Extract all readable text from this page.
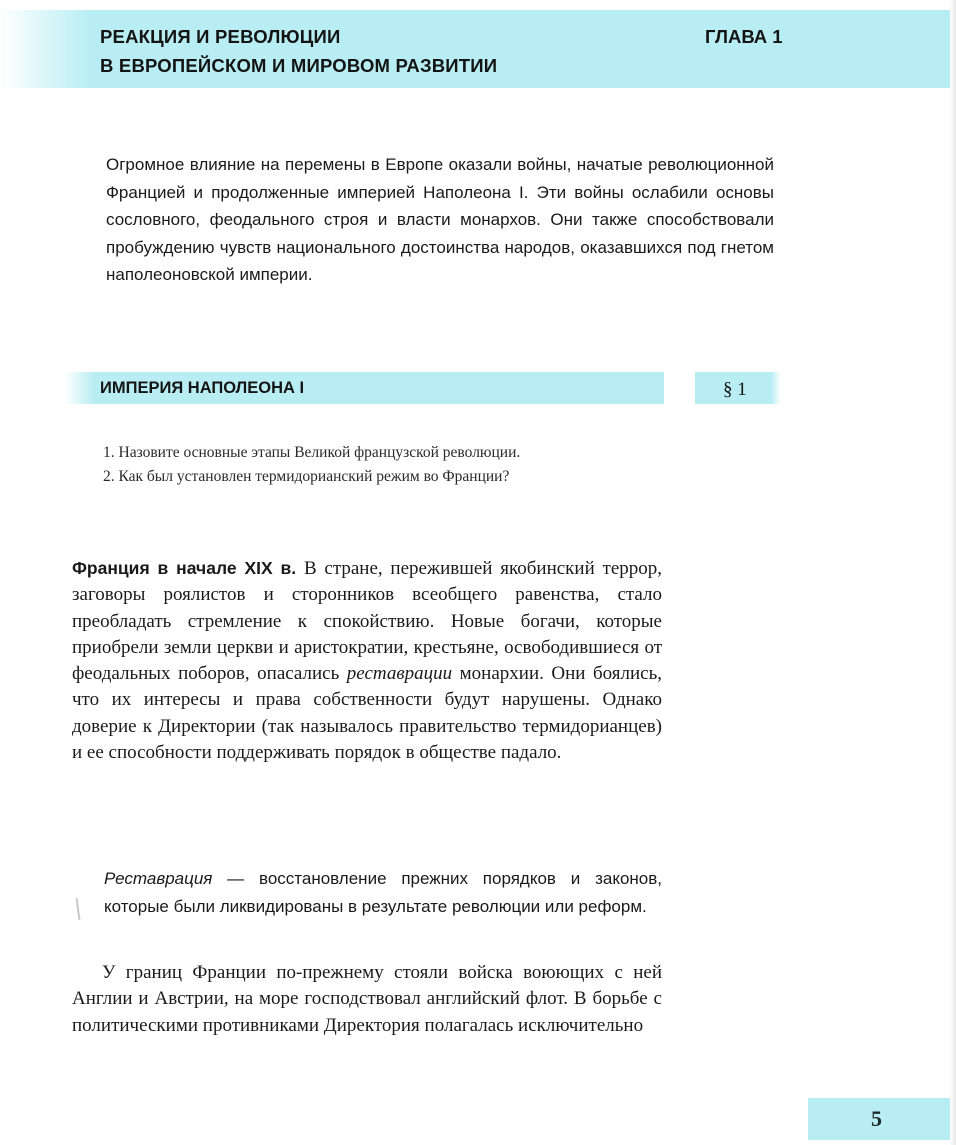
РЕАКЦИЯ И РЕВОЛЮЦИИ
В ЕВРОПЕЙСКОМ И МИРОВОМ РАЗВИТИИ
ГЛАВА 1

Огромное влияние на перемены в Европе оказали войны, начатые революционной Францией и продолженные империей Наполеона I. Эти войны ослабили основы сословного, феодального строя и власти монархов. Они также способствовали пробуждению чувств национального достоинства народов, оказавшихся под гнетом наполеоновской империи.

ИМПЕРИЯ НАПОЛЕОНА I	§ 1

1. Назовите основные этапы Великой французской революции.

2. Как был установлен термидорианский режим во Франции?

Франция в начале XIX в. В стране, пережившей якобинский террор, заговоры роялистов и сторонников всеобщего равенства, стало преобладать стремление к спокойствию. Новые богачи, которые приобрели земли церкви и аристократии, крестьяне, освободившиеся от феодальных поборов, опасались реставрации монархии. Они боялись, что их интересы и права собственности будут нарушены. Однако доверие к Директории (так называлось правительство термидорианцев) и ее способности поддерживать порядок в обществе падало.

Реставрация — восстановление прежних порядков и законов, которые были ликвидированы в результате революции или реформ.

У границ Франции по-прежнему стояли войска воюющих с ней Англии и Австрии, на море господствовал английский флот. В борьбе с политическими противниками Директория полагалась исключительно

5
